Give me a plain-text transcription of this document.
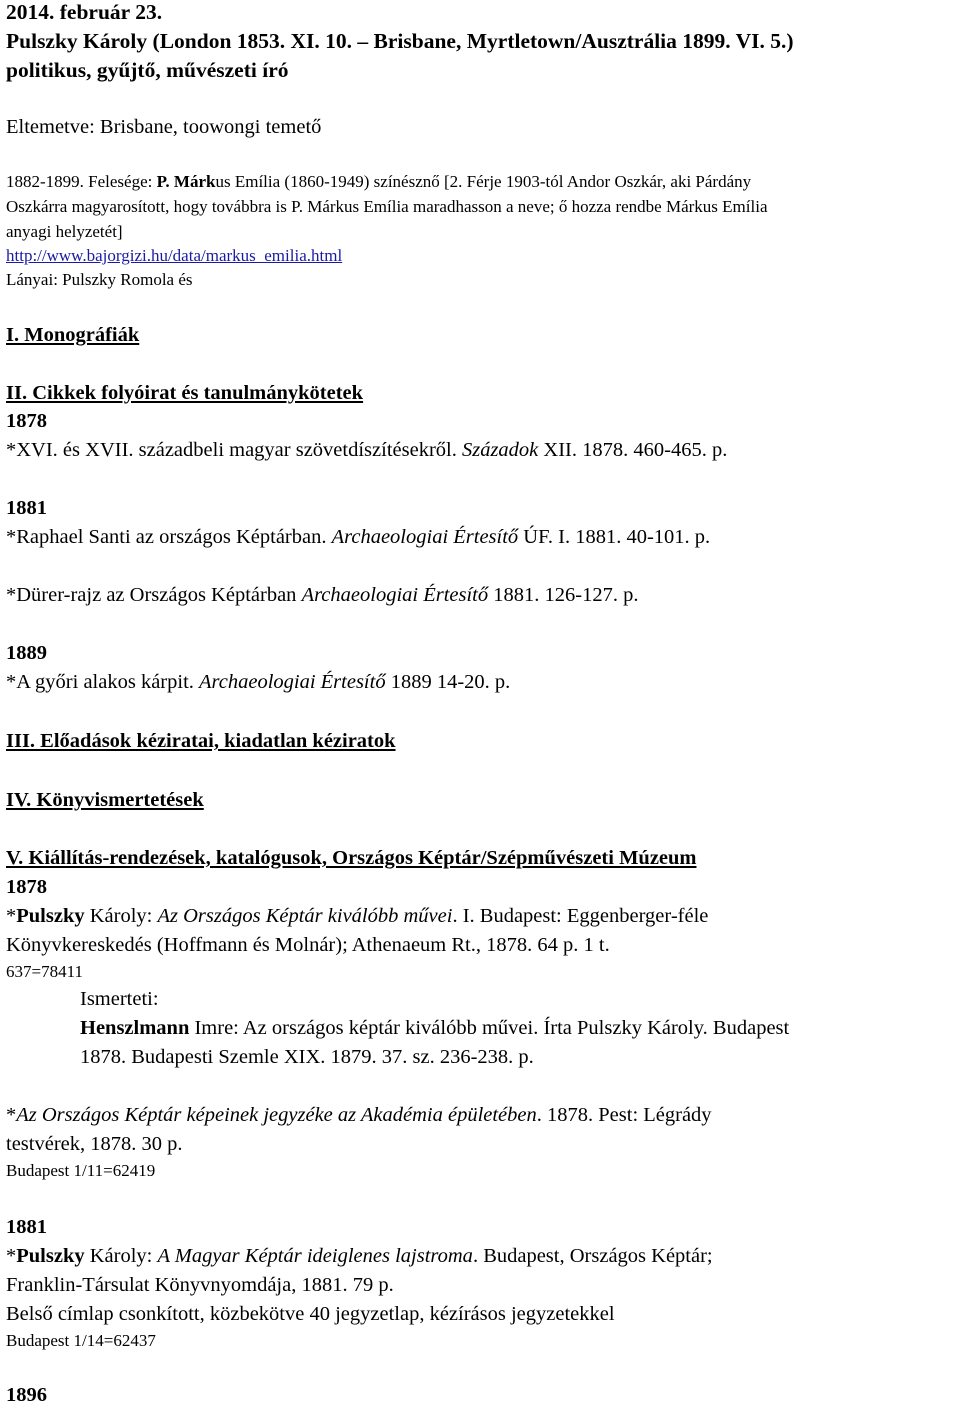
2014. február 23.
Pulszky Károly (London 1853. XI. 10. – Brisbane, Myrtletown/Ausztrália 1899. VI. 5.)
politikus, gyűjtő, művészeti író
Eltemetve: Brisbane, toowongi temető
1882-1899. Felesége: P. Márkus Emília (1860-1949) színésznő [2. Férje 1903-tól Andor Oszkár, aki Párdány
Oszkárra magyarosított, hogy továbbra is P. Márkus Emília maradhasson a neve; ő hozza rendbe Márkus Emília
anyagi helyzetét]
http://www.bajorgizi.hu/data/markus_emilia.html
Lányai: Pulszky Romola és
I. Monográfiák
II. Cikkek folyóirat és tanulmánykötetek
1878
*XVI. és XVII. századbeli magyar szövetdíszítésekről. Századok XII. 1878. 460-465. p.
1881
*Raphael Santi az országos Képtárban. Archaeologiai Értesítő ÚF. I. 1881. 40-101. p.
*Dürer-rajz az Országos Képtárban Archaeologiai Értesítő 1881. 126-127. p.
1889
*A győri alakos kárpit. Archaeologiai Értesítő 1889 14-20. p.
III. Előadások kéziratai, kiadatlan kéziratok
IV. Könyvismertetések
V. Kiállítás-rendezések, katalógusok, Országos Képtár/Szépművészeti Múzeum
1878
*Pulszky Károly: Az Országos Képtár kiválóbb művei. I. Budapest: Eggenberger-féle
Könyvkereskedés (Hoffmann és Molnár); Athenaeum Rt., 1878. 64 p. 1 t.
637=78411
Ismerteti:
Henszlmann Imre: Az országos képtár kiválóbb művei. Írta Pulszky Károly. Budapest
1878. Budapesti Szemle XIX. 1879. 37. sz. 236-238. p.
*Az Országos Képtár képeinek jegyzéke az Akadémia épületében. 1878. Pest: Légrády
testvérek, 1878. 30 p.
Budapest 1/11=62419
1881
*Pulszky Károly: A Magyar Képtár ideiglenes lajstroma. Budapest, Országos Képtár;
Franklin-Társulat Könyvnyomdája, 1881. 79 p.
Belső címlap csonkított, közbekötve 40 jegyzetlap, kézírásos jegyzetekkel
Budapest 1/14=62437
1896
